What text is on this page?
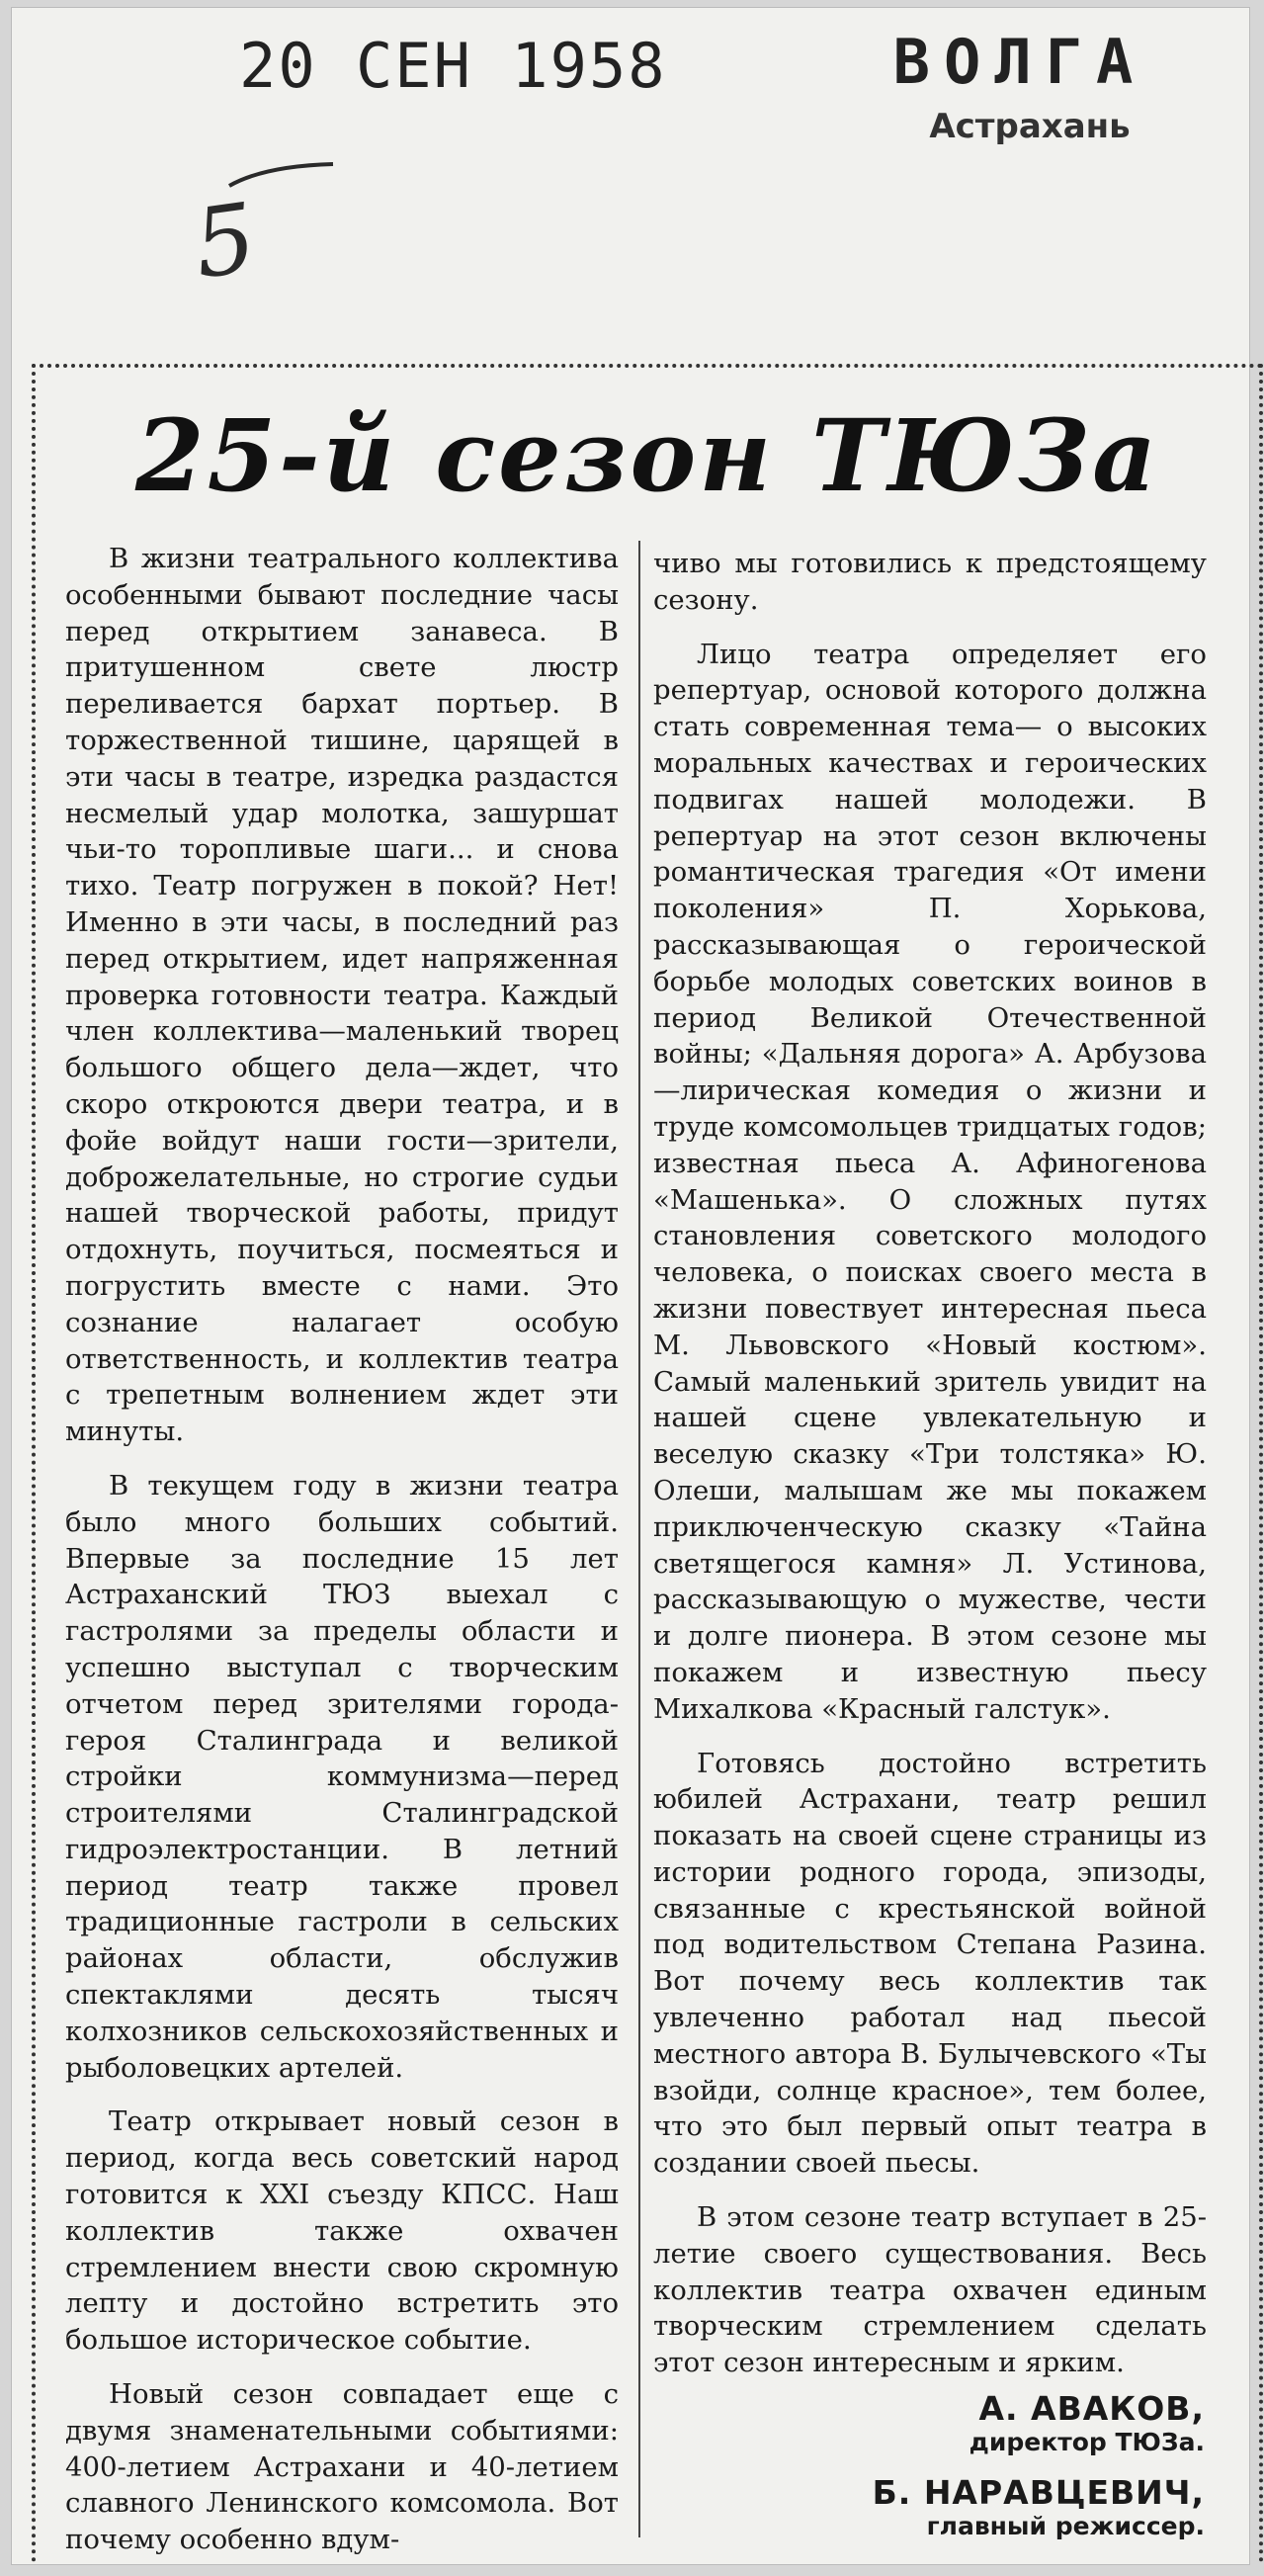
20 СЕН 1958	ВОЛГА
Астрахань
5
25-й сезон ТЮЗа

В жизни театрального коллектива особенными бывают последние часы перед открытием занавеса. В притушенном свете люстр переливается бархат портьер. В торжественной тишине, царящей в эти часы в театре, изредка раздастся несмелый удар молотка, зашуршат чьи-то торопливые шаги... и снова тихо. Театр погружен в покой? Нет! Именно в эти часы, в последний раз перед открытием, идет напряженная проверка готовности театра. Каждый член коллектива—маленький творец большого общего дела—ждет, что скоро откроются двери театра, и в фойе войдут наши гости—зрители, доброжелательные, но строгие судьи нашей творческой работы, придут отдохнуть, поучиться, посмеяться и погрустить вместе с нами. Это сознание налагает особую ответственность, и коллектив театра с трепетным волнением ждет эти минуты.

В текущем году в жизни театра было много больших событий. Впервые за последние 15 лет Астраханский ТЮЗ выехал с гастролями за пределы области и успешно выступал с творческим отчетом перед зрителями города-героя Сталинграда и великой стройки коммунизма—перед строителями Сталинградской гидроэлектростанции. В летний период театр также провел традиционные гастроли в сельских районах области, обслужив спектаклями десять тысяч колхозников сельскохозяйственных и рыболовецких артелей.

Театр открывает новый сезон в период, когда весь советский народ готовится к XXI съезду КПСС. Наш коллектив также охвачен стремлением внести свою скромную лепту и достойно встретить это большое историческое событие.

Новый сезон совпадает еще с двумя знаменательными событиями: 400-летием Астрахани и 40-летием славного Ленинского комсомола. Вот почему особенно вдум-

чиво мы готовились к предстоящему сезону.

Лицо театра определяет его репертуар, основой которого должна стать современная тема— о высоких моральных качествах и героических подвигах нашей молодежи. В репертуар на этот сезон включены романтическая трагедия «От имени поколения» П. Хорькова, рассказывающая о героической борьбе молодых советских воинов в период Великой Отечественной войны; «Дальняя дорога» А. Арбузова—лирическая комедия о жизни и труде комсомольцев тридцатых годов; известная пьеса А. Афиногенова «Машенька». О сложных путях становления советского молодого человека, о поисках своего места в жизни повествует интересная пьеса М. Львовского «Новый костюм». Самый маленький зритель увидит на нашей сцене увлекательную и веселую сказку «Три толстяка» Ю. Олеши, малышам же мы покажем приключенческую сказку «Тайна светящегося камня» Л. Устинова, рассказывающую о мужестве, чести и долге пионера. В этом сезоне мы покажем и известную пьесу Михалкова «Красный галстук».

Готовясь достойно встретить юбилей Астрахани, театр решил показать на своей сцене страницы из истории родного города, эпизоды, связанные с крестьянской войной под водительством Степана Разина. Вот почему весь коллектив так увлеченно работал над пьесой местного автора В. Булычевского «Ты взойди, солнце красное», тем более, что это был первый опыт театра в создании своей пьесы.

В этом сезоне театр вступает в 25-летие своего существования. Весь коллектив театра охвачен единым творческим стремлением сделать этот сезон интересным и ярким.

А. АВАКОВ,
директор ТЮЗа.
Б. НАРАВЦЕВИЧ,
главный режиссер.
